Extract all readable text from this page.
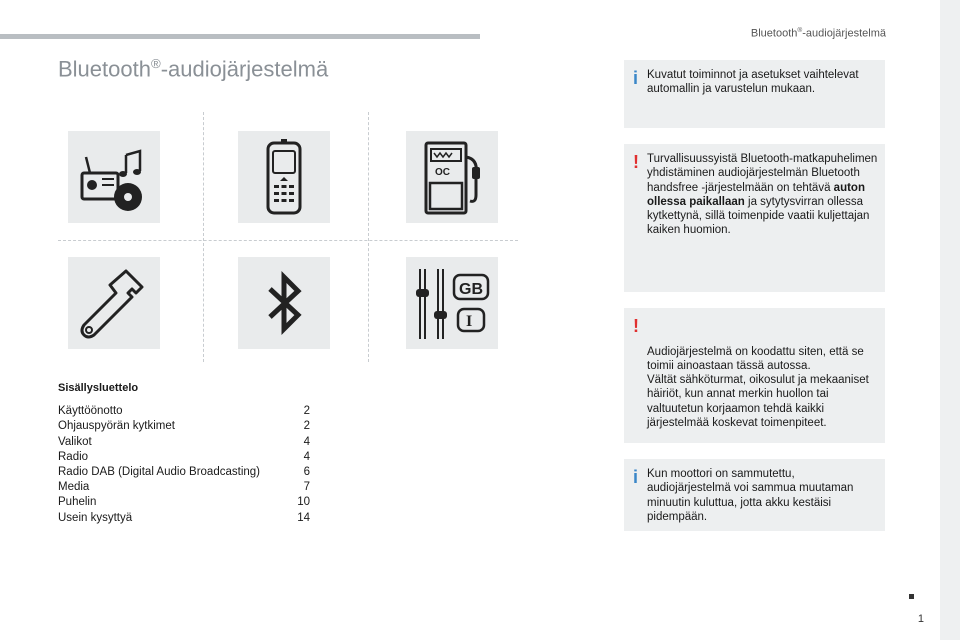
Bluetooth®-audiojärjestelmä
Bluetooth®-audiojärjestelmä
OC
GB
I
Sisällysluettelo
Käyttöönotto	2
Ohjauspyörän kytkimet	2
Valikot	4
Radio	4
Radio DAB (Digital Audio Broadcasting)	6
Media	7
Puhelin	10
Usein kysyttyä	14
i Kuvatut toiminnot ja asetukset vaihtelevat automallin ja varustelun mukaan.
! Turvallisuussyistä Bluetooth-matkapuhelimen yhdistäminen audiojärjestelmän Bluetooth handsfree -järjestelmään on tehtävä auton ollessa paikallaan ja sytytysvirran ollessa kytkettynä, sillä toimenpide vaatii kuljettajan kaiken huomion.

!

Audiojärjestelmä on koodattu siten, että se toimii ainoastaan tässä autossa.
Vältät sähköturmat, oikosulut ja mekaaniset häiriöt, kun annat merkin huollon tai valtuutetun korjaamon tehdä kaikki järjestelmää koskevat toimenpiteet.

i Kun moottori on sammutettu, audiojärjestelmä voi sammua muutaman minuutin kuluttua, jotta akku kestäisi pidempään.
1
